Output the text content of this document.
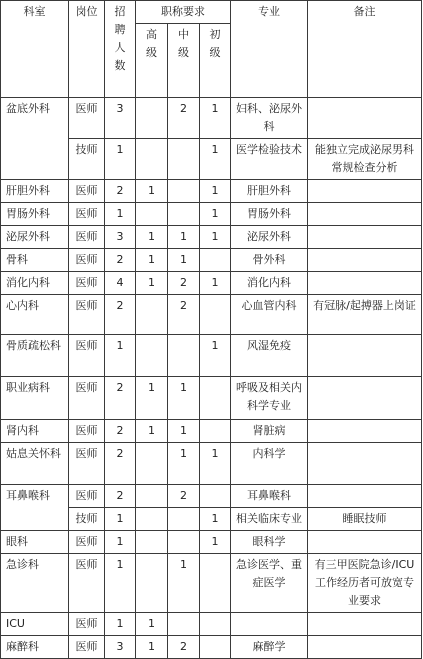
科室	岗位	招聘人数	职称要求			专业	备注
			高级	中级	初级		
盆底外科	医师	3		2	1	妇科、泌尿外科	
	技师	1			1	医学检验技术	能独立完成泌尿男科常规检查分析
肝胆外科	医师	2	1		1	肝胆外科	
胃肠外科	医师	1			1	胃肠外科	
泌尿外科	医师	3	1	1	1	泌尿外科	
骨科	医师	2	1	1		骨外科	
消化内科	医师	4	1	2	1	消化内科	
心内科	医师	2		2		心血管内科	有冠脉/起搏器上岗证
骨质疏松科	医师	1			1	风湿免疫	
职业病科	医师	2	1	1		呼吸及相关内科学专业	
肾内科	医师	2	1	1		肾脏病	
姑息关怀科	医师	2		1	1	内科学	
耳鼻喉科	医师	2		2		耳鼻喉科	
	技师	1			1	相关临床专业	睡眠技师
眼科	医师	1			1	眼科学	
急诊科	医师	1		1		急诊医学、重症医学	有三甲医院急诊/ICU工作经历者可放宽专业要求
ICU	医师	1	1				
麻醉科	医师	3	1	2		麻醉学	
